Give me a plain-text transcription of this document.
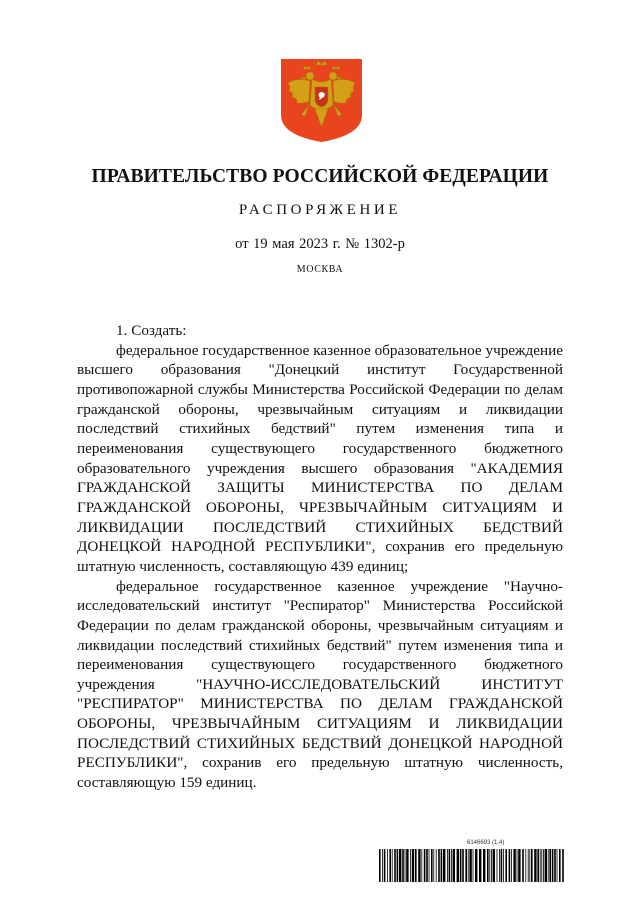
ПРАВИТЕЛЬСТВО РОССИЙСКОЙ ФЕДЕРАЦИИ
РАСПОРЯЖЕНИЕ
от 19 мая 2023 г. № 1302-р
МОСКВА

1. Создать:

федеральное государственное казенное образовательное учреждение высшего образования "Донецкий институт Государственной противопожарной службы Министерства Российской Федерации по делам гражданской обороны, чрезвычайным ситуациям и ликвидации последствий стихийных бедствий" путем изменения типа и переименования существующего государственного бюджетного образовательного учреждения высшего образования "АКАДЕМИЯ ГРАЖДАНСКОЙ ЗАЩИТЫ МИНИСТЕРСТВА ПО ДЕЛАМ ГРАЖДАНСКОЙ ОБОРОНЫ, ЧРЕЗВЫЧАЙНЫМ СИТУАЦИЯМ И ЛИКВИДАЦИИ ПОСЛЕДСТВИЙ СТИХИЙНЫХ БЕДСТВИЙ ДОНЕЦКОЙ НАРОДНОЙ РЕСПУБЛИКИ", сохранив его предельную штатную численность, составляющую 439 единиц;

федеральное государственное казенное учреждение "Научно-исследовательский институт "Респиратор" Министерства Российской Федерации по делам гражданской обороны, чрезвычайным ситуациям и ликвидации последствий стихийных бедствий" путем изменения типа и переименования существующего государственного бюджетного учреждения "НАУЧНО-ИССЛЕДОВАТЕЛЬСКИЙ ИНСТИТУТ "РЕСПИРАТОР" МИНИСТЕРСТВА ПО ДЕЛАМ ГРАЖДАНСКОЙ ОБОРОНЫ, ЧРЕЗВЫЧАЙНЫМ СИТУАЦИЯМ И ЛИКВИДАЦИИ ПОСЛЕДСТВИЙ СТИХИЙНЫХ БЕДСТВИЙ ДОНЕЦКОЙ НАРОДНОЙ РЕСПУБЛИКИ", сохранив его предельную штатную численность, составляющую 159 единиц.

6146693 (1.4)
